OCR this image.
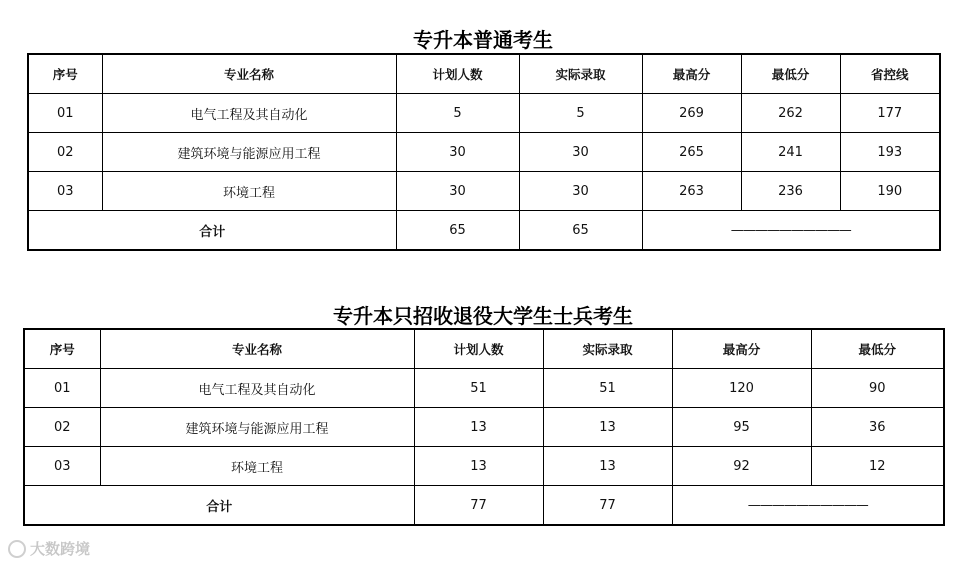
专升本普通考生
序号	专业名称	计划人数	实际录取	最高分	最低分	省控线
01	电气工程及其自动化	5	5	269	262	177
02	建筑环境与能源应用工程	30	30	265	241	193
03	环境工程	30	30	263	236	190
合计		65	65	——————————		
专升本只招收退役大学生士兵考生
序号	专业名称	计划人数	实际录取	最高分	最低分
01	电气工程及其自动化	51	51	120	90
02	建筑环境与能源应用工程	13	13	95	36
03	环境工程	13	13	92	12
合计		77	77	——————————	
大数跨境
